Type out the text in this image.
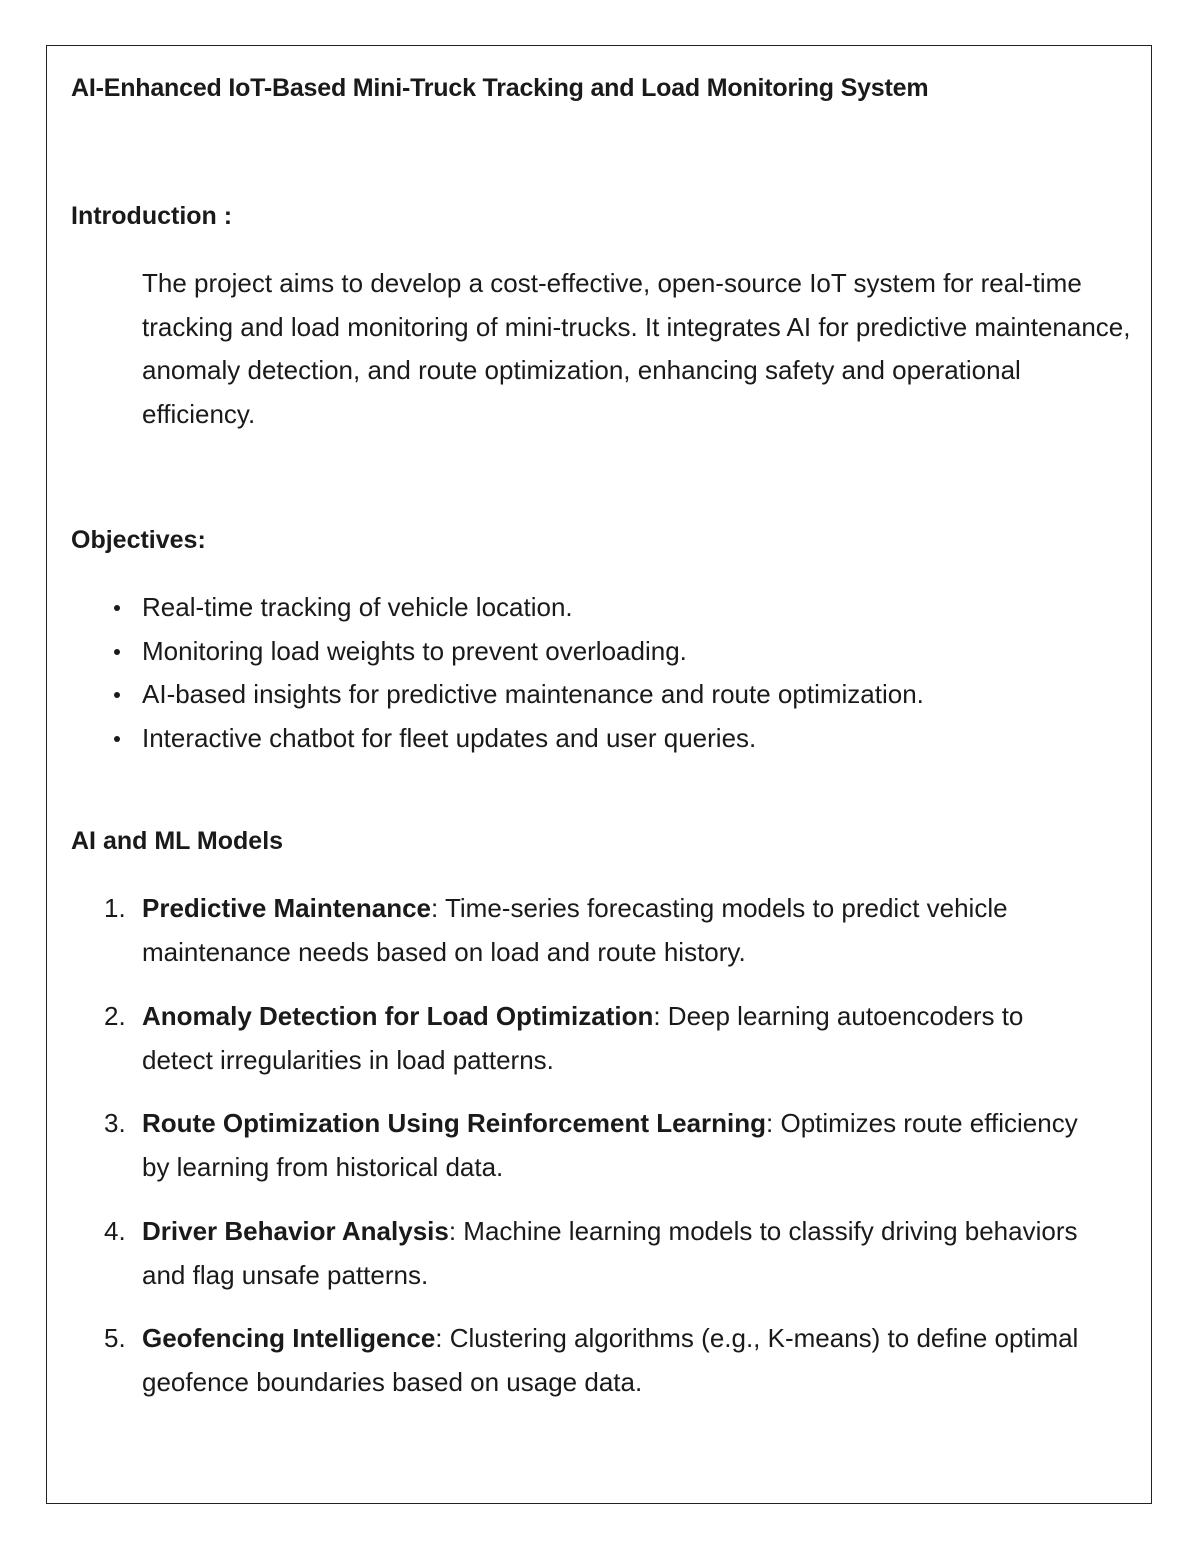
AI-Enhanced IoT-Based Mini-Truck Tracking and Load Monitoring System
Introduction :

The project aims to develop a cost-effective, open-source IoT system for real-time tracking and load monitoring of mini-trucks. It integrates AI for predictive maintenance, anomaly detection, and route optimization, enhancing safety and operational efficiency.

Objectives:
Real-time tracking of vehicle location.
Monitoring load weights to prevent overloading.
AI-based insights for predictive maintenance and route optimization.
Interactive chatbot for fleet updates and user queries.
AI and ML Models
1. Predictive Maintenance: Time-series forecasting models to predict vehicle maintenance needs based on load and route history.
2. Anomaly Detection for Load Optimization: Deep learning autoencoders to detect irregularities in load patterns.
3. Route Optimization Using Reinforcement Learning: Optimizes route efficiency by learning from historical data.
4. Driver Behavior Analysis: Machine learning models to classify driving behaviors and flag unsafe patterns.
5. Geofencing Intelligence: Clustering algorithms (e.g., K-means) to define optimal geofence boundaries based on usage data.
